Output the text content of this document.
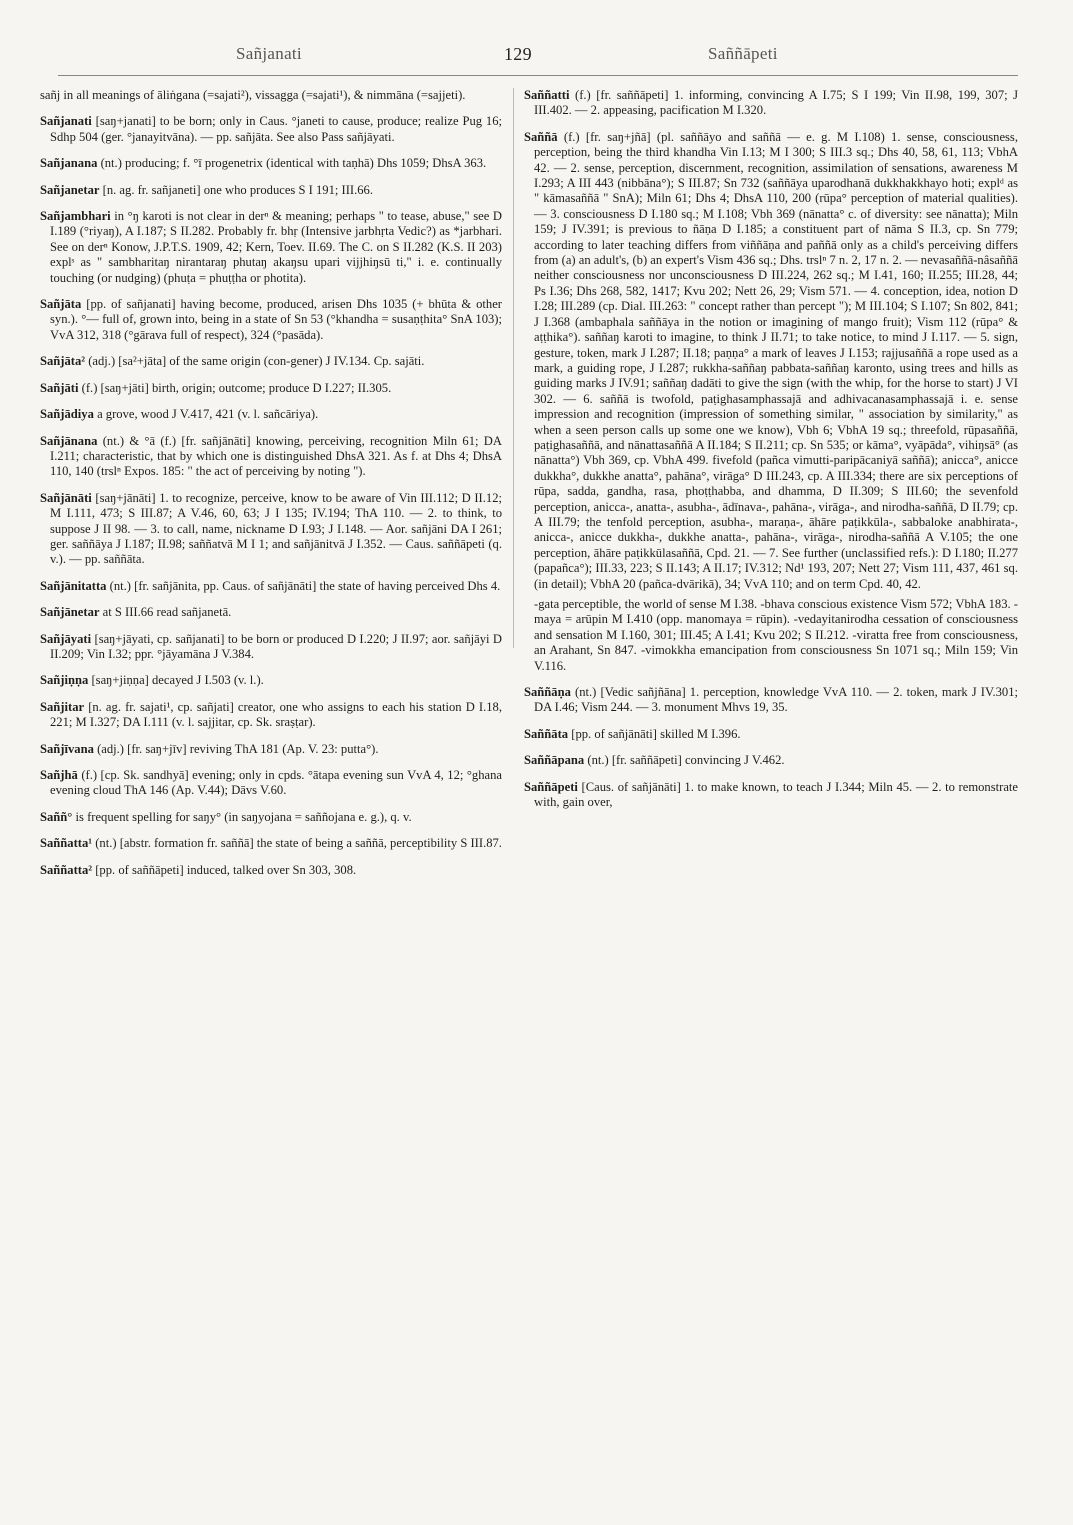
Sañjanati	129	Saññāpeti

sañj in all meanings of āliṅgana (=sajati²), vissagga (=sajati¹), & nimmāna (=sajjeti).

Sañjanati [saŋ+janati] to be born; only in Caus. °janeti to cause, produce; realize Pug 16; Sdhp 504 (ger. °janayitvāna). — pp. sañjāta. See also Pass sañjāyati.

Sañjanana (nt.) producing; f. °ī progenetrix (identical with taṇhā) Dhs 1059; DhsA 363.

Sañjanetar [n. ag. fr. sañjaneti] one who produces S I 191; III.66.

Sañjambhari in °ŋ karoti is not clear in derⁿ & meaning; perhaps " to tease, abuse," see D I.189 (°riyaŋ), A I.187; S II.282. Probably fr. bhṛ (Intensive jarbhṛta Vedic?) as *jarbhari. See on derⁿ Konow, J.P.T.S. 1909, 42; Kern, Toev. II.69. The C. on S II.282 (K.S. II 203) explˢ as " sambharitaŋ nirantaraŋ phutaŋ akaŋsu upari vijjhiŋsū ti," i. e. continually touching (or nudging) (phuṭa = phuṭṭha or photita).

Sañjāta [pp. of sañjanati] having become, produced, arisen Dhs 1035 (+ bhūta & other syn.). °— full of, grown into, being in a state of Sn 53 (°khandha = susaṇṭhita° SnA 103); VvA 312, 318 (°gārava full of respect), 324 (°pasāda).

Sañjāta² (adj.) [sa²+jāta] of the same origin (con-gener) J IV.134. Cp. sajāti.

Sañjāti (f.) [saŋ+jāti] birth, origin; outcome; produce D I.227; II.305.

Sañjādiya a grove, wood J V.417, 421 (v. l. sañcāriya).

Sañjānana (nt.) & °ā (f.) [fr. sañjānāti] knowing, perceiving, recognition Miln 61; DA I.211; characteristic, that by which one is distinguished DhsA 321. As f. at Dhs 4; DhsA 110, 140 (trslⁿ Expos. 185: " the act of perceiving by noting ").

Sañjānāti [saŋ+jānāti] 1. to recognize, perceive, know to be aware of Vin III.112; D II.12; M I.111, 473; S III.87; A V.46, 60, 63; J I 135; IV.194; ThA 110. — 2. to think, to suppose J II 98. — 3. to call, name, nickname D I.93; J I.148. — Aor. sañjāni DA I 261; ger. saññāya J I.187; II.98; saññatvā M I 1; and sañjānitvā J I.352. — Caus. saññāpeti (q. v.). — pp. saññāta.

Sañjānitatta (nt.) [fr. sañjānita, pp. Caus. of sañjānāti] the state of having perceived Dhs 4.

Sañjānetar at S III.66 read sañjanetā.

Sañjāyati [saŋ+jāyati, cp. sañjanati] to be born or produced D I.220; J II.97; aor. sañjāyi D II.209; Vin I.32; ppr. °jāyamāna J V.384.

Sañjiṇṇa [saŋ+jiṇṇa] decayed J I.503 (v. l.).

Sañjitar [n. ag. fr. sajati¹, cp. sañjati] creator, one who assigns to each his station D I.18, 221; M I.327; DA I.111 (v. l. sajjitar, cp. Sk. sraṣṭar).

Sañjīvana (adj.) [fr. saŋ+jīv] reviving ThA 181 (Ap. V. 23: putta°).

Sañjhā (f.) [cp. Sk. sandhyā] evening; only in cpds. °ātapa evening sun VvA 4, 12; °ghana evening cloud ThA 146 (Ap. V.44); Dāvs V.60.

Saññ° is frequent spelling for saŋy° (in saŋyojana = saññojana e. g.), q. v.

Saññatta¹ (nt.) [abstr. formation fr. saññā] the state of being a saññā, perceptibility S III.87.

Saññatta² [pp. of saññāpeti] induced, talked over Sn 303, 308.

Saññatti (f.) [fr. saññāpeti] 1. informing, convincing A I.75; S I 199; Vin II.98, 199, 307; J III.402. — 2. appeasing, pacification M I.320.

Saññā (f.) [fr. saŋ+jñā] (pl. saññāyo and saññā — e. g. M I.108) 1. sense, consciousness, perception, being the third khandha Vin I.13; M I 300; S III.3 sq.; Dhs 40, 58, 61, 113; VbhA 42. — 2. sense, perception, discernment, recognition, assimilation of sensations, awareness M I.293; A III 443 (nibbāna°); S III.87; Sn 732 (saññāya uparodhanā dukkhakkhayo hoti; explᵈ as " kāmasaññā " SnA); Miln 61; Dhs 4; DhsA 110, 200 (rūpa° perception of material qualities). — 3. consciousness D I.180 sq.; M I.108; Vbh 369 (nānatta° c. of diversity: see nānatta); Miln 159; J IV.391; is previous to ñāṇa D I.185; a constituent part of nāma S II.3, cp. Sn 779; according to later teaching differs from viññāṇa and paññā only as a child's perceiving differs from (a) an adult's, (b) an expert's Vism 436 sq.; Dhs. trslⁿ 7 n. 2, 17 n. 2. — nevasaññā-nâsaññā neither consciousness nor unconsciousness D III.224, 262 sq.; M I.41, 160; II.255; III.28, 44; Ps I.36; Dhs 268, 582, 1417; Kvu 202; Nett 26, 29; Vism 571. — 4. conception, idea, notion D I.28; III.289 (cp. Dial. III.263: " concept rather than percept "); M III.104; S I.107; Sn 802, 841; J I.368 (ambaphala saññāya in the notion or imagining of mango fruit); Vism 112 (rūpa° & aṭṭhika°). saññaŋ karoti to imagine, to think J II.71; to take notice, to mind J I.117. — 5. sign, gesture, token, mark J I.287; II.18; paṇṇa° a mark of leaves J I.153; rajjusaññā a rope used as a mark, a guiding rope, J I.287; rukkha-saññaŋ pabbata-saññaŋ karonto, using trees and hills as guiding marks J IV.91; saññaŋ dadāti to give the sign (with the whip, for the horse to start) J VI 302. — 6. saññā is twofold, paṭighasamphassajā and adhivacanasamphassajā i. e. sense impression and recognition (impression of something similar, " association by similarity," as when a seen person calls up some one we know), Vbh 6; VbhA 19 sq.; threefold, rūpasaññā, paṭighasaññā, and nānattasaññā A II.184; S II.211; cp. Sn 535; or kāma°, vyāpāda°, vihiŋsā° (as nānatta°) Vbh 369, cp. VbhA 499. fivefold (pañca vimutti-paripācaniyā saññā); anicca°, anicce dukkha°, dukkhe anatta°, pahāna°, virāga° D III.243, cp. A III.334; there are six perceptions of rūpa, sadda, gandha, rasa, phoṭṭhabba, and dhamma, D II.309; S III.60; the sevenfold perception, anicca-, anatta-, asubha-, ādīnava-, pahāna-, virāga-, and nirodha-saññā, D II.79; cp. A III.79; the tenfold perception, asubha-, maraṇa-, āhāre paṭikkūla-, sabbaloke anabhirata-, anicca-, anicce dukkha-, dukkhe anatta-, pahāna-, virāga-, nirodha-saññā A V.105; the one perception, āhāre paṭikkūlasaññā, Cpd. 21. — 7. See further (unclassified refs.): D I.180; II.277 (papañca°); III.33, 223; S II.143; A II.17; IV.312; Nd¹ 193, 207; Nett 27; Vism 111, 437, 461 sq. (in detail); VbhA 20 (pañca-dvārikā), 34; VvA 110; and on term Cpd. 40, 42.

-gata perceptible, the world of sense M I.38. -bhava conscious existence Vism 572; VbhA 183. -maya = arūpin M I.410 (opp. manomaya = rūpin). -vedayitanirodha cessation of consciousness and sensation M I.160, 301; III.45; A I.41; Kvu 202; S II.212. -viratta free from consciousness, an Arahant, Sn 847. -vimokkha emancipation from consciousness Sn 1071 sq.; Miln 159; Vin V.116.

Saññāṇa (nt.) [Vedic sañjñāna] 1. perception, knowledge VvA 110. — 2. token, mark J IV.301; DA I.46; Vism 244. — 3. monument Mhvs 19, 35.

Saññāta [pp. of sañjānāti] skilled M I.396.

Saññāpana (nt.) [fr. saññāpeti] convincing J V.462.

Saññāpeti [Caus. of sañjānāti] 1. to make known, to teach J I.344; Miln 45. — 2. to remonstrate with, gain over,
